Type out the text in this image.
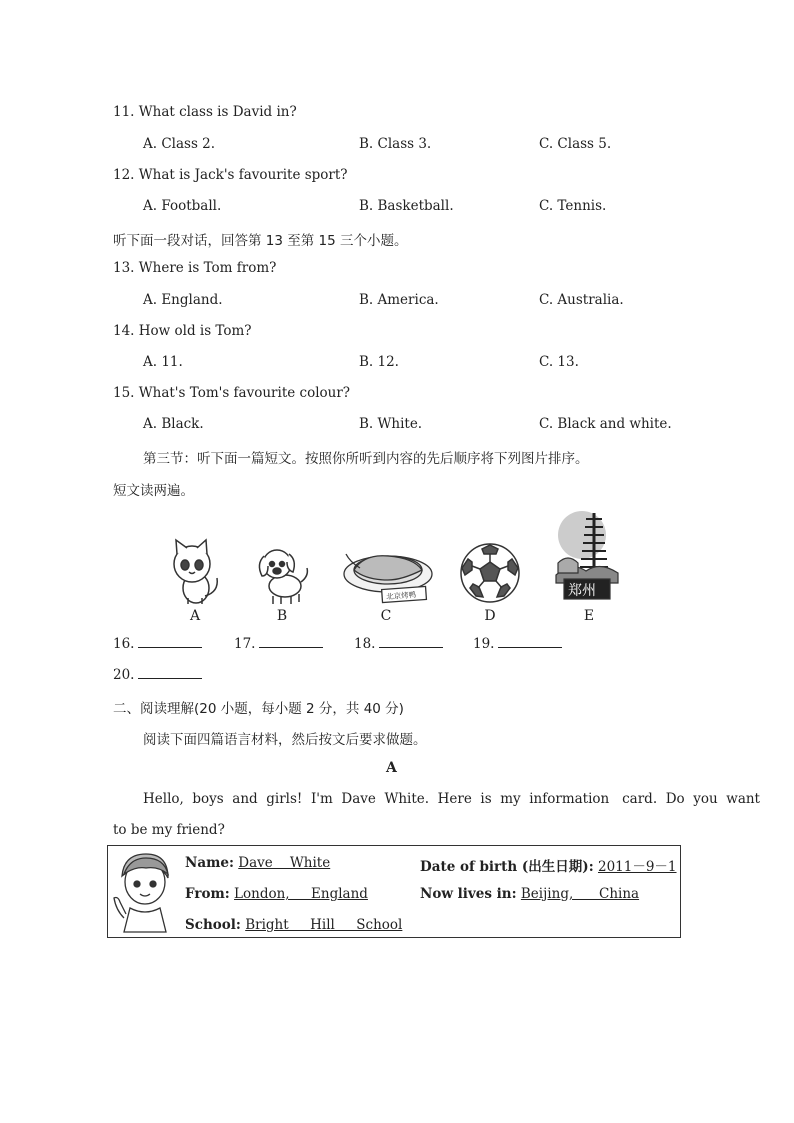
11. What class is David in?
A. Class 2.	B. Class 3.	C. Class 5.
12. What is Jack's favourite sport?
A. Football.	B. Basketball.	C. Tennis.
听下面一段对话，回答第 13 至第 15 三个小题。
13. Where is Tom from?
A. England.	B. America.	C. Australia.
14. How old is Tom?
A. 11.	B. 12.	C. 13.
15. What's Tom's favourite colour?
A. Black.	B. White.	C. Black and white.
第三节：听下面一篇短文。按照你所听到内容的先后顺序将下列图片排序。
短文读两遍。
A	B
北京烤鸭
C	D
郑州
E
16.	17.	18.	19.
20.
二、阅读理解(20 小题，每小题 2 分，共 40 分)
阅读下面四篇语言材料，然后按文后要求做题。
A
Hello,  boys  and  girls!  I'm  Dave  White.  Here  is  my  information   card.  Do  you  want
to be my friend?
Name: Dave    White	Date of birth (出生日期): 2011－9－1
From: London,     England	Now lives in: Beijing,      China
School: Bright     Hill     School
